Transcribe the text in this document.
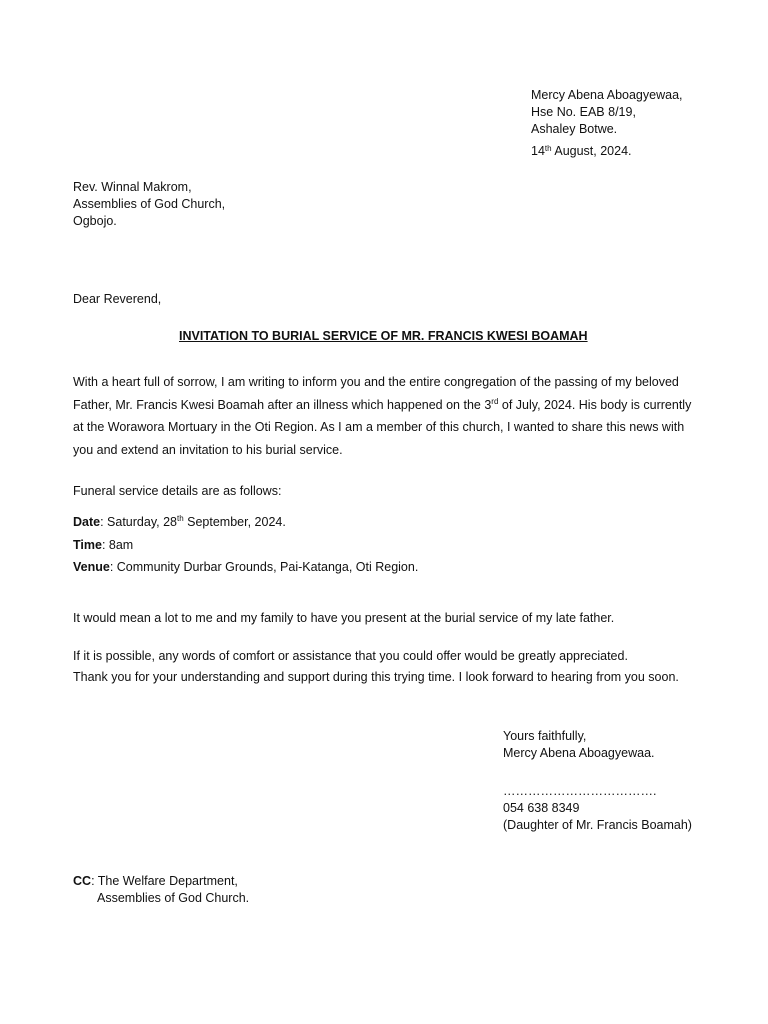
Mercy Abena Aboagyewaa,
Hse No. EAB 8/19,
Ashaley Botwe.
14th August, 2024.
Rev. Winnal Makrom,
Assemblies of God Church,
Ogbojo.
Dear Reverend,
INVITATION TO BURIAL SERVICE OF MR. FRANCIS KWESI BOAMAH
With a heart full of sorrow, I am writing to inform you and the entire congregation of the passing of my beloved
Father, Mr. Francis Kwesi Boamah after an illness which happened on the 3rd of July, 2024. His body is currently
at the Worawora Mortuary in the Oti Region. As I am a member of this church, I wanted to share this news with
you and extend an invitation to his burial service.
Funeral service details are as follows:
Date: Saturday, 28th September, 2024.
Time: 8am
Venue: Community Durbar Grounds, Pai-Katanga, Oti Region.
It would mean a lot to me and my family to have you present at the burial service of my late father.
If it is possible, any words of comfort or assistance that you could offer would be greatly appreciated.
Thank you for your understanding and support during this trying time. I look forward to hearing from you soon.
Yours faithfully,
Mercy Abena Aboagyewaa.
……………………………….
054 638 8349
(Daughter of Mr. Francis Boamah)
CC: The Welfare Department,
Assemblies of God Church.
